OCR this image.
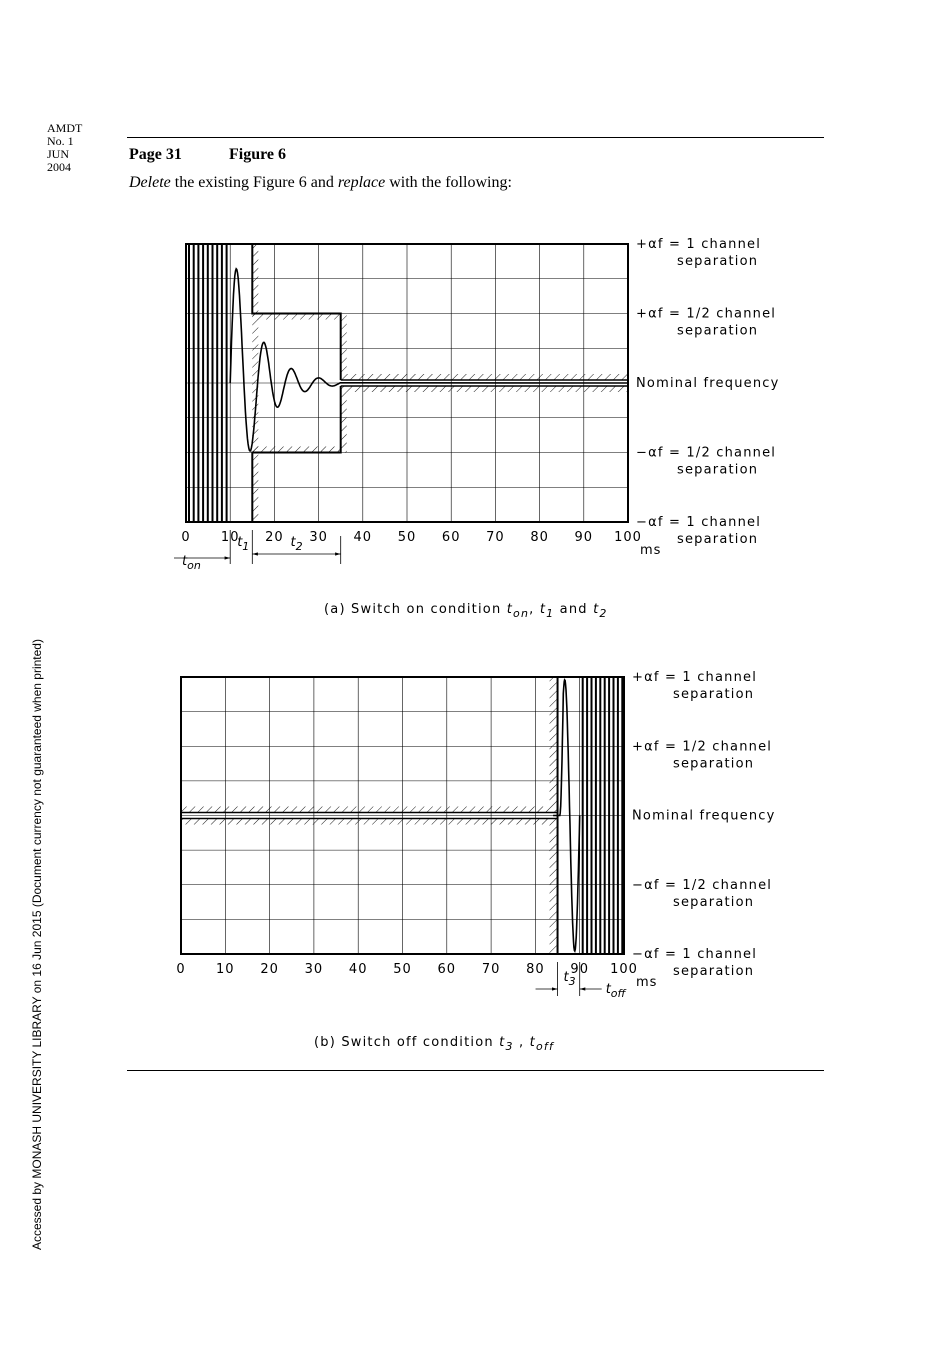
AMDT
No. 1
JUN
2004
Page 31	Figure 6
Delete the existing Figure 6 and replace with the following:
Accessed by MONASH UNIVERSITY LIBRARY on 16 Jun 2015 (Document currency not guaranteed when printed)
0 10 20 30 40 50 60 70 80 90 100
ms
+αf = 1 channel
separation
+αf = 1/2 channel
separation
Nominal frequency
−αf = 1/2 channel
separation
−αf = 1 channel
separation
$t_1$	$t_2$
$t_{on}$
(a) Switch on condition $t_{on}$, $t_1$ and $t_2$
0 10 20 30 40 50 60 70 80 90 100
ms
+αf = 1 channel
separation
+αf = 1/2 channel
separation
Nominal frequency
−αf = 1/2 channel
separation
−αf = 1 channel
separation
$t_3$
$t_{off}$
(b) Switch off condition $t_3$ , $t_{off}$
